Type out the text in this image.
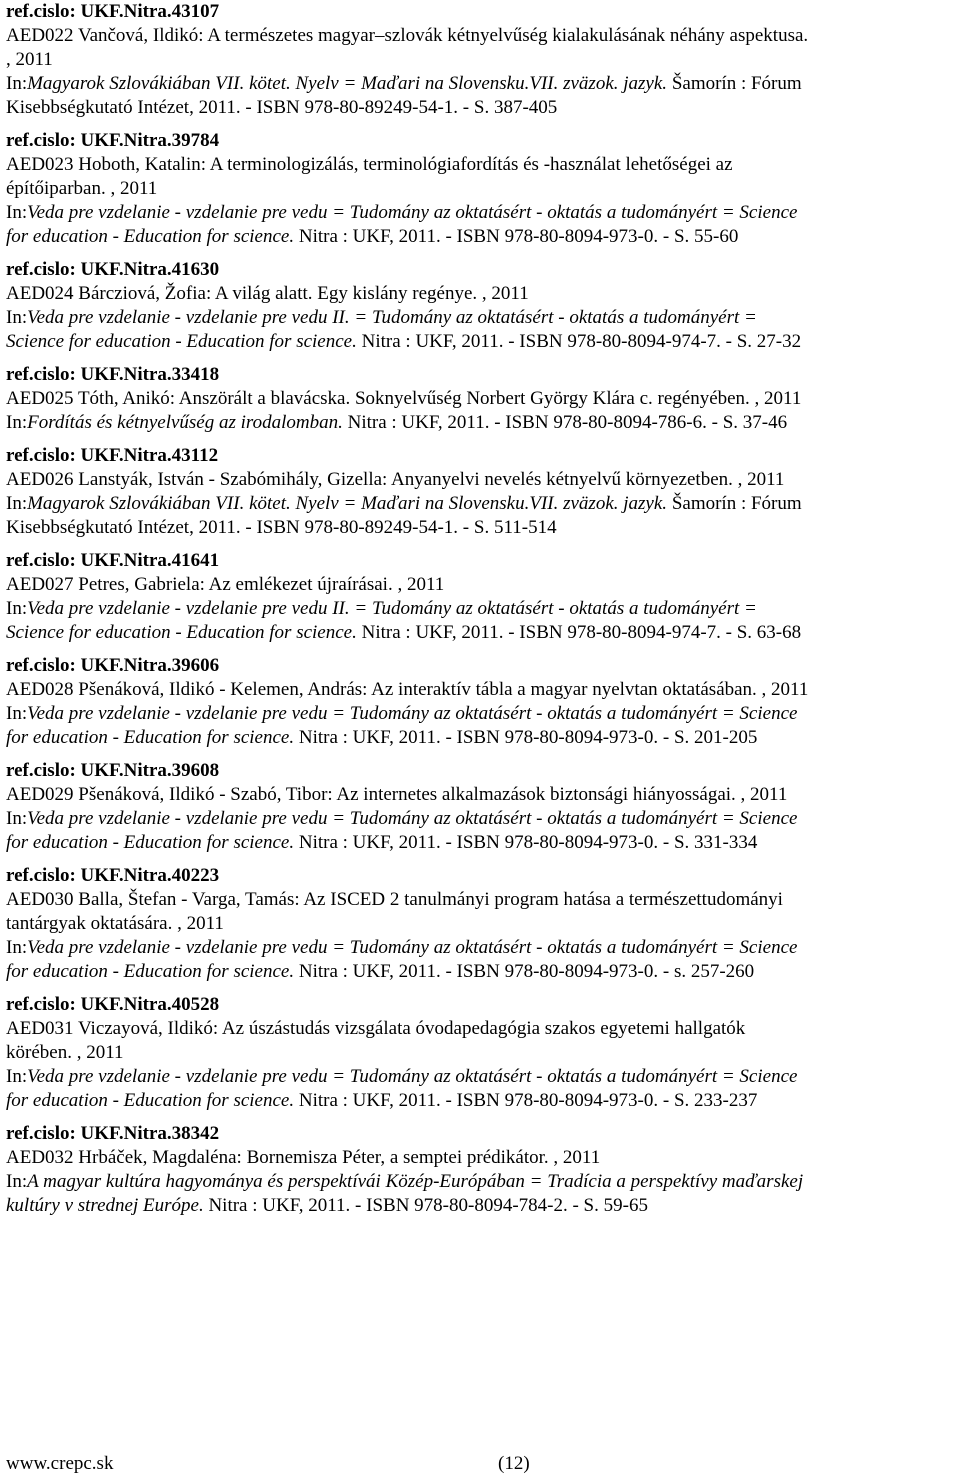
ref.cislo: UKF.Nitra.43107
AED022 Vančová, Ildikó: A természetes magyar–szlovák kétnyelvűség kialakulásának néhány aspektusa.
, 2011
In:Magyarok Szlovákiában VII. kötet. Nyelv = Maďari na Slovensku.VII. zväzok. jazyk. Šamorín : Fórum
Kisebbségkutató Intézet, 2011. - ISBN 978-80-89249-54-1. - S. 387-405
ref.cislo: UKF.Nitra.39784
AED023 Hoboth, Katalin: A terminologizálás, terminológiafordítás és -használat lehetőségei az
építőiparban. , 2011
In:Veda pre vzdelanie - vzdelanie pre vedu = Tudomány az oktatásért - oktatás a tudományért = Science
for education - Education for science. Nitra : UKF, 2011. - ISBN 978-80-8094-973-0. - S. 55-60
ref.cislo: UKF.Nitra.41630
AED024 Bárcziová, Žofia: A világ alatt. Egy kislány regénye. , 2011
In:Veda pre vzdelanie - vzdelanie pre vedu II. = Tudomány az oktatásért - oktatás a tudományért =
Science for education - Education for science. Nitra : UKF, 2011. - ISBN 978-80-8094-974-7. - S. 27-32
ref.cislo: UKF.Nitra.33418
AED025 Tóth, Anikó: Anszörált a blavácska. Soknyelvűség Norbert György Klára c. regényében. , 2011
In:Fordítás és kétnyelvűség az irodalomban. Nitra : UKF, 2011. - ISBN 978-80-8094-786-6. - S. 37-46
ref.cislo: UKF.Nitra.43112
AED026 Lanstyák, István - Szabómihály, Gizella: Anyanyelvi nevelés kétnyelvű környezetben. , 2011
In:Magyarok Szlovákiában VII. kötet. Nyelv = Maďari na Slovensku.VII. zväzok. jazyk. Šamorín : Fórum
Kisebbségkutató Intézet, 2011. - ISBN 978-80-89249-54-1. - S. 511-514
ref.cislo: UKF.Nitra.41641
AED027 Petres, Gabriela: Az emlékezet újraírásai. , 2011
In:Veda pre vzdelanie - vzdelanie pre vedu II. = Tudomány az oktatásért - oktatás a tudományért =
Science for education - Education for science. Nitra : UKF, 2011. - ISBN 978-80-8094-974-7. - S. 63-68
ref.cislo: UKF.Nitra.39606
AED028 Pšenáková, Ildikó - Kelemen, András: Az interaktív tábla a magyar nyelvtan oktatásában. , 2011
In:Veda pre vzdelanie - vzdelanie pre vedu = Tudomány az oktatásért - oktatás a tudományért = Science
for education - Education for science. Nitra : UKF, 2011. - ISBN 978-80-8094-973-0. - S. 201-205
ref.cislo: UKF.Nitra.39608
AED029 Pšenáková, Ildikó - Szabó, Tibor: Az internetes alkalmazások biztonsági hiányosságai. , 2011
In:Veda pre vzdelanie - vzdelanie pre vedu = Tudomány az oktatásért - oktatás a tudományért = Science
for education - Education for science. Nitra : UKF, 2011. - ISBN 978-80-8094-973-0. - S. 331-334
ref.cislo: UKF.Nitra.40223
AED030 Balla, Štefan - Varga, Tamás: Az ISCED 2 tanulmányi program hatása a természettudományi
tantárgyak oktatására. , 2011
In:Veda pre vzdelanie - vzdelanie pre vedu = Tudomány az oktatásért - oktatás a tudományért = Science
for education - Education for science. Nitra : UKF, 2011. - ISBN 978-80-8094-973-0. - s. 257-260
ref.cislo: UKF.Nitra.40528
AED031 Viczayová, Ildikó: Az úszástudás vizsgálata óvodapedagógia szakos egyetemi hallgatók
körében. , 2011
In:Veda pre vzdelanie - vzdelanie pre vedu = Tudomány az oktatásért - oktatás a tudományért = Science
for education - Education for science. Nitra : UKF, 2011. - ISBN 978-80-8094-973-0. - S. 233-237
ref.cislo: UKF.Nitra.38342
AED032 Hrbáček, Magdaléna: Bornemisza Péter, a semptei prédikátor. , 2011
In:A magyar kultúra hagyománya és perspektívái Közép-Európában = Tradícia a perspektívy maďarskej
kultúry v strednej Európe. Nitra : UKF, 2011. - ISBN 978-80-8094-784-2. - S. 59-65
www.crepc.sk	(12)
